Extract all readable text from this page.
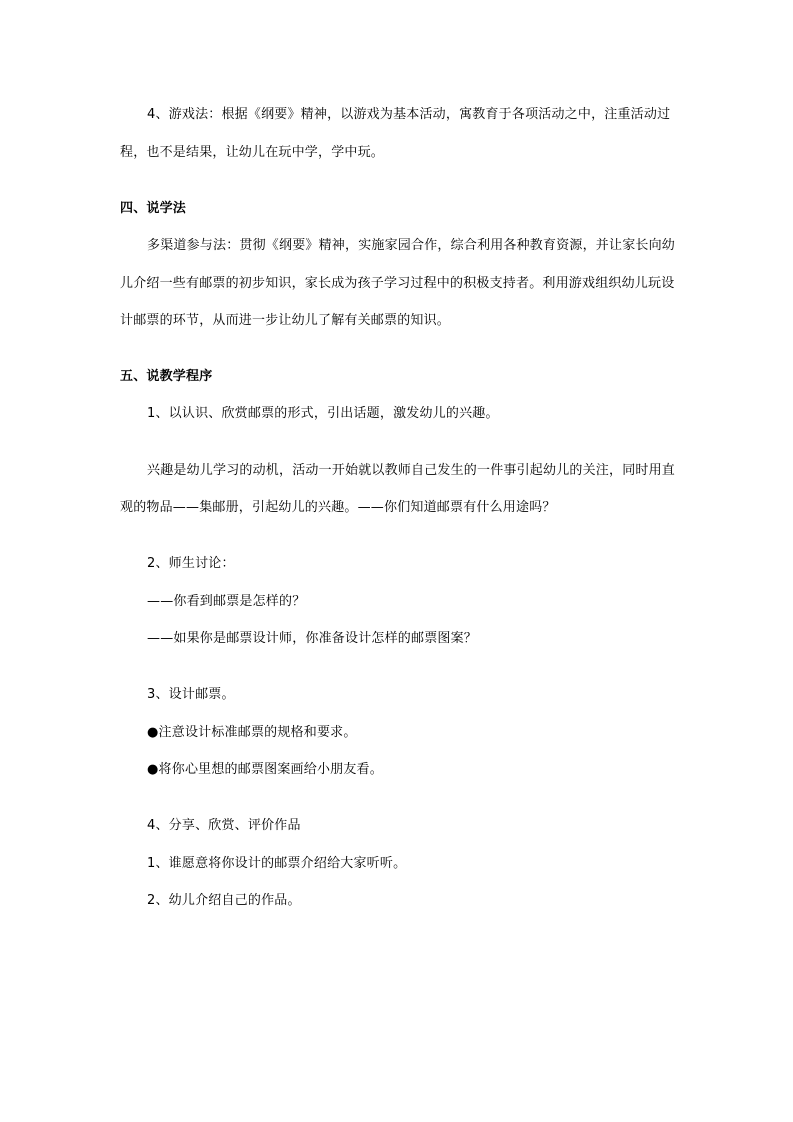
4、游戏法：根据《纲要》精神，以游戏为基本活动，寓教育于各项活动之中，注重活动过
程，也不是结果，让幼儿在玩中学，学中玩。
四、说学法
多渠道参与法：贯彻《纲要》精神，实施家园合作，综合利用各种教育资源，并让家长向幼
儿介绍一些有邮票的初步知识，家长成为孩子学习过程中的积极支持者。利用游戏组织幼儿玩设
计邮票的环节，从而进一步让幼儿了解有关邮票的知识。
五、说教学程序
1、以认识、欣赏邮票的形式，引出话题，激发幼儿的兴趣。
兴趣是幼儿学习的动机，活动一开始就以教师自己发生的一件事引起幼儿的关注，同时用直
观的物品——集邮册，引起幼儿的兴趣。——你们知道邮票有什么用途吗？
2、师生讨论：
——你看到邮票是怎样的？
——如果你是邮票设计师，你准备设计怎样的邮票图案？
3、设计邮票。
●注意设计标准邮票的规格和要求。
●将你心里想的邮票图案画给小朋友看。
4、分享、欣赏、评价作品
1、谁愿意将你设计的邮票介绍给大家听听。
2、幼儿介绍自己的作品。
